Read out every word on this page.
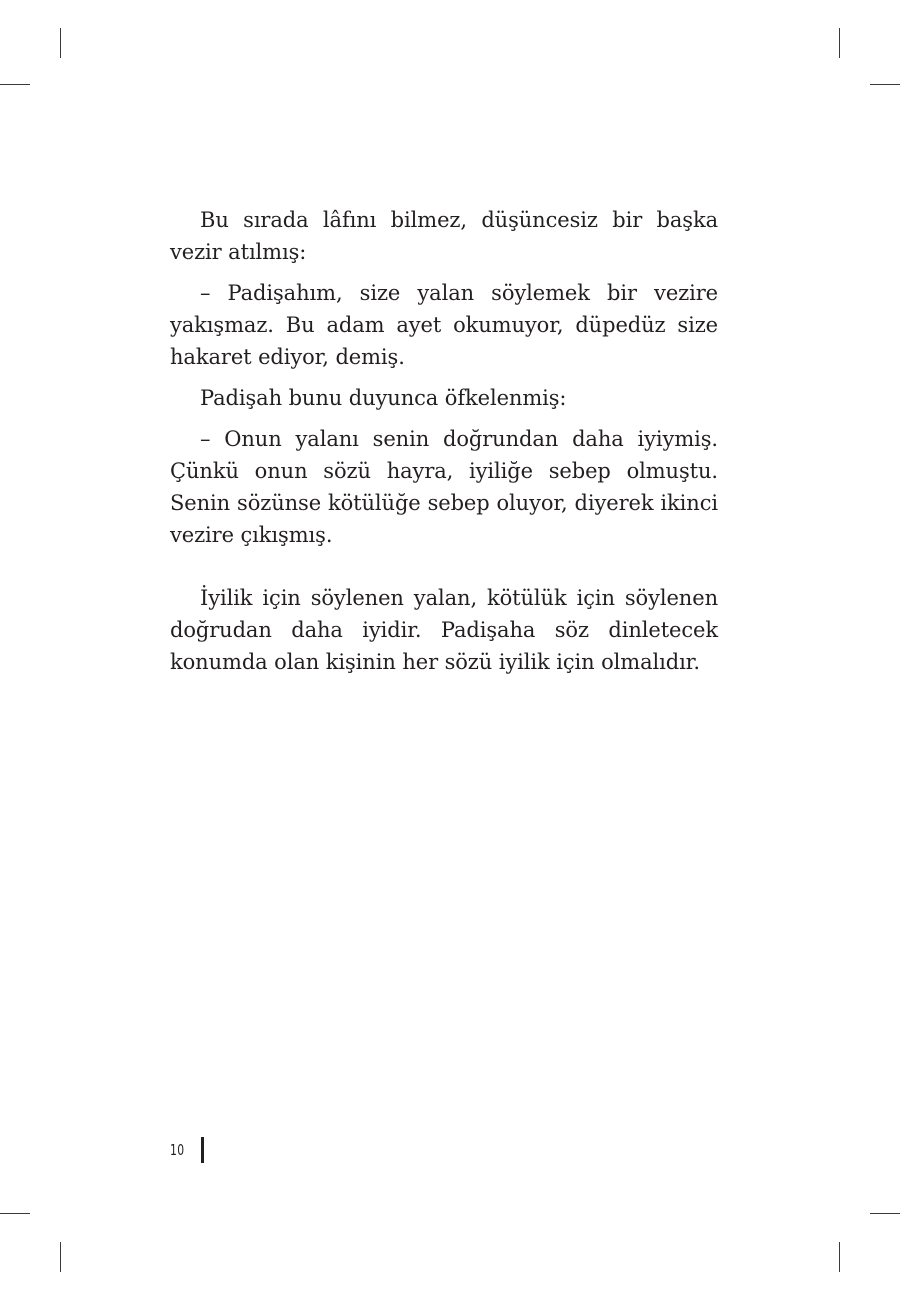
Bu sırada lâfını bilmez, düşüncesiz bir başka vezir atılmış:

– Padişahım, size yalan söylemek bir vezire yakışmaz. Bu adam ayet okumuyor, düpedüz size hakaret ediyor, demiş.

Padişah bunu duyunca öfkelenmiş:

– Onun yalanı senin doğrundan daha iyiymiş. Çünkü onun sözü hayra, iyiliğe sebep olmuştu. Senin sözünse kötülüğe sebep oluyor, diyerek ikinci vezire çıkışmış.

İyilik için söylenen yalan, kötülük için söylenen doğrudan daha iyidir. Padişaha söz dinletecek konumda olan kişinin her sözü iyilik için olmalıdır.

10
